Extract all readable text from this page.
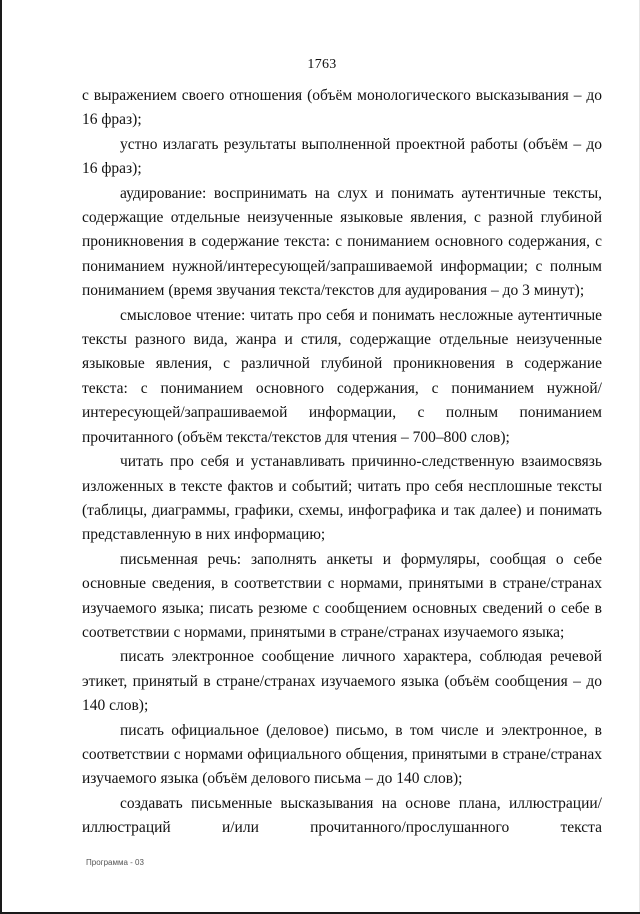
1763

с выражением своего отношения (объём монологического высказывания – до 16 фраз);

устно излагать результаты выполненной проектной работы (объём – до 16 фраз);

аудирование: воспринимать на слух и понимать аутентичные тексты, содержащие отдельные неизученные языковые явления, с разной глубиной проникновения в содержание текста: с пониманием основного содержания, с пониманием нужной/интересующей/запрашиваемой информации; с полным пониманием (время звучания текста/текстов для аудирования – до 3 минут);

смысловое чтение: читать про себя и понимать несложные аутентичные тексты разного вида, жанра и стиля, содержащие отдельные неизученные языковые явления, с различной глубиной проникновения в содержание текста: с пониманием основного содержания, с пониманием нужной/интересующей/запрашиваемой информации, с полным пониманием прочитанного (объём текста/текстов для чтения – 700–800 слов);

читать про себя и устанавливать причинно-следственную взаимосвязь изложенных в тексте фактов и событий; читать про себя несплошные тексты (таблицы, диаграммы, графики, схемы, инфографика и так далее) и понимать представленную в них информацию;

письменная речь: заполнять анкеты и формуляры, сообщая о себе основные сведения, в соответствии с нормами, принятыми в стране/странах изучаемого языка; писать резюме с сообщением основных сведений о себе в соответствии с нормами, принятыми в стране/странах изучаемого языка;

писать электронное сообщение личного характера, соблюдая речевой этикет, принятый в стране/странах изучаемого языка (объём сообщения – до 140 слов);

писать официальное (деловое) письмо, в том числе и электронное, в соответствии с нормами официального общения, принятыми в стране/странах изучаемого языка (объём делового письма – до 140 слов);

создавать письменные высказывания на основе плана, иллюстрации/иллюстраций и/или прочитанного/прослушанного текста

Программа - 03
